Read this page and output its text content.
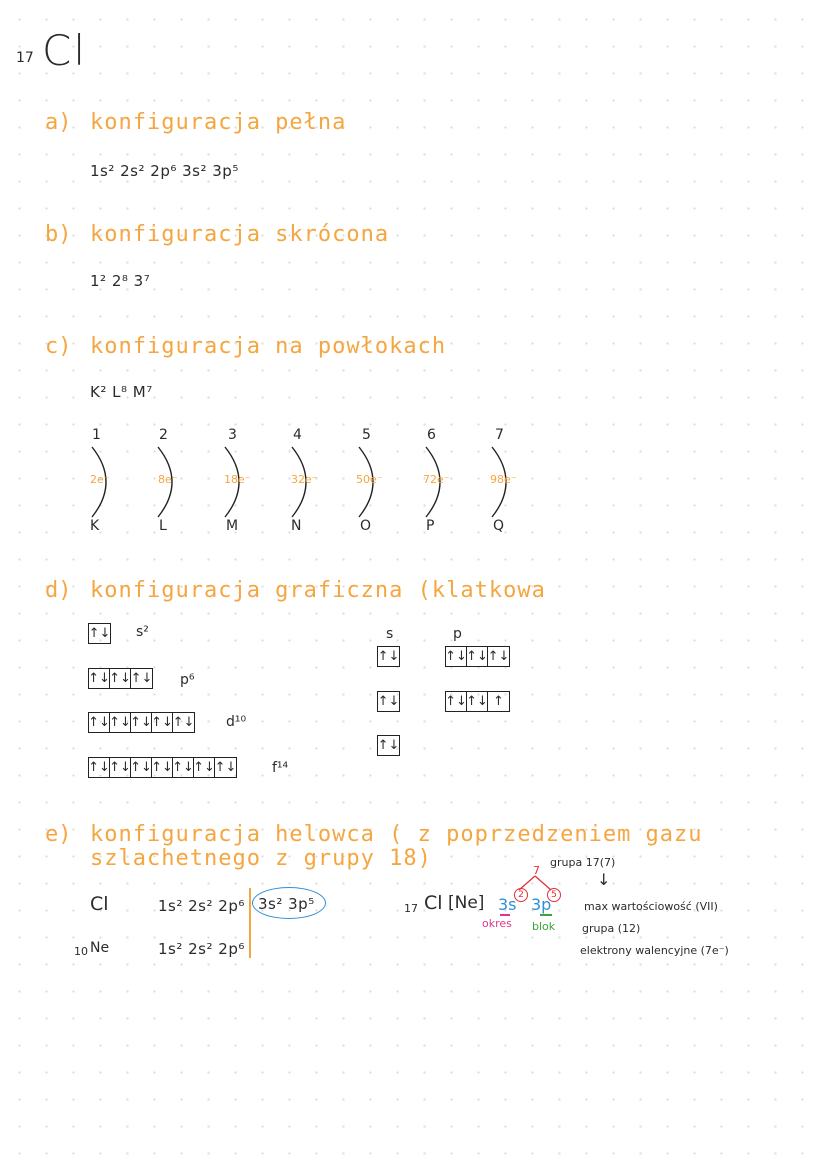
17 Cl
a) konfiguracja pełna
1s² 2s² 2p⁶ 3s² 3p⁵
b) konfiguracja skrócona
1² 2⁸ 3⁷
c) konfiguracja na powłokach
K² L⁸ M⁷
1
2e⁻
K
2
8e⁻
L
3
18e⁻
M
4
32e⁻
N
5
50e⁻
O
6
72e⁻
P
7
98e⁻
Q
d) konfiguracja graficzna (klatkowa
↑↓ s²
↑↓ ↑↓ ↑↓ p⁶
↑↓ ↑↓ ↑↓ ↑↓ ↑↓ d¹⁰
↑↓ ↑↓ ↑↓ ↑↓ ↑↓ ↑↓ ↑↓	f¹⁴
s	p
↑↓	↑↓ ↑↓ ↑↓
↑↓	↑↓ ↑↓ ↑
↑↓
e) konfiguracja helowca ( z poprzedzeniem gazu
szlachetnego z grupy 18)
Cl	1s² 2s² 2p⁶ 3s² 3p⁵
10 Ne	1s² 2s² 2p⁶
17 Cl [Ne]
7
grupa 17(7)
↓
3s 2 3p 5
okres blok
max wartościowość (VII)
grupa (12)
elektrony walencyjne (7e⁻)
